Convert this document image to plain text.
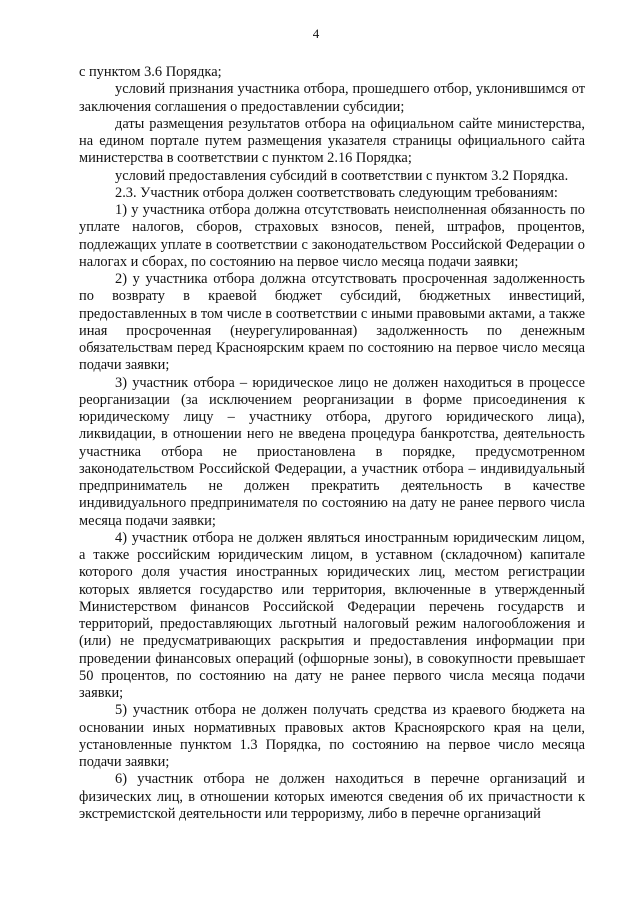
4

с пунктом 3.6 Порядка;

условий признания участника отбора, прошедшего отбор, уклонившимся от заключения соглашения о предоставлении субсидии;

даты размещения результатов отбора на официальном сайте министерства, на едином портале путем размещения указателя страницы официального сайта министерства в соответствии с пунктом 2.16 Порядка;

условий предоставления субсидий в соответствии с пунктом 3.2 Порядка.

2.3. Участник отбора должен соответствовать следующим требованиям:

1) у участника отбора должна отсутствовать неисполненная обязанность по уплате налогов, сборов, страховых взносов, пеней, штрафов, процентов, подлежащих уплате в соответствии с законодательством Российской Федерации о налогах и сборах, по состоянию на первое число месяца подачи заявки;

2) у участника отбора должна отсутствовать просроченная задолженность по возврату в краевой бюджет субсидий, бюджетных инвестиций, предоставленных в том числе в соответствии с иными правовыми актами, а также иная просроченная (неурегулированная) задолженность по денежным обязательствам перед Красноярским краем по состоянию на первое число месяца подачи заявки;

3) участник отбора – юридическое лицо не должен находиться в процессе реорганизации (за исключением реорганизации в форме присоединения к юридическому лицу – участнику отбора, другого юридического лица), ликвидации, в отношении него не введена процедура банкротства, деятельность участника отбора не приостановлена в порядке, предусмотренном законодательством Российской Федерации, а участник отбора – индивидуальный предприниматель не должен прекратить деятельность в качестве индивидуального предпринимателя по состоянию на дату не ранее первого числа месяца подачи заявки;

4) участник отбора не должен являться иностранным юридическим лицом, а также российским юридическим лицом, в уставном (складочном) капитале которого доля участия иностранных юридических лиц, местом регистрации которых является государство или территория, включенные в утвержденный Министерством финансов Российской Федерации перечень государств и территорий, предоставляющих льготный налоговый режим налогообложения и (или) не предусматривающих раскрытия и предоставления информации при проведении финансовых операций (офшорные зоны), в совокупности превышает 50 процентов, по состоянию на дату не ранее первого числа месяца подачи заявки;

5) участник отбора не должен получать средства из краевого бюджета на основании иных нормативных правовых актов Красноярского края на цели, установленные пунктом 1.3 Порядка, по состоянию на первое число месяца подачи заявки;

6) участник отбора не должен находиться в перечне организаций и физических лиц, в отношении которых имеются сведения об их причастности к экстремистской деятельности или терроризму, либо в перечне организаций
